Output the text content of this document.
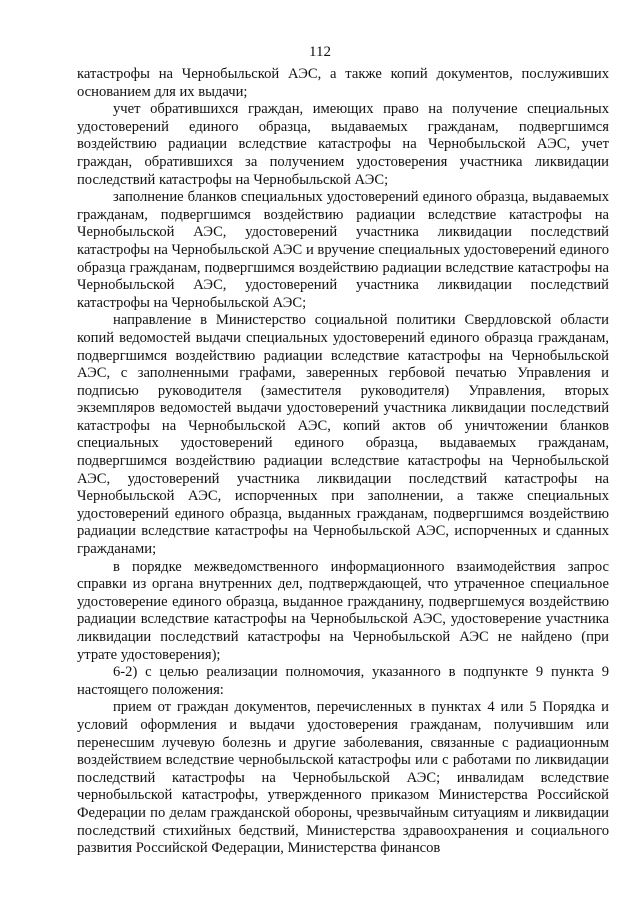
112

катастрофы на Чернобыльской АЭС, а также копий документов, послуживших основанием для их выдачи;

учет обратившихся граждан, имеющих право на получение специальных удостоверений единого образца, выдаваемых гражданам, подвергшимся воздействию радиации вследствие катастрофы на Чернобыльской АЭС, учет граждан, обратившихся за получением удостоверения участника ликвидации последствий катастрофы на Чернобыльской АЭС;

заполнение бланков специальных удостоверений единого образца, выдаваемых гражданам, подвергшимся воздействию радиации вследствие катастрофы на Чернобыльской АЭС, удостоверений участника ликвидации последствий катастрофы на Чернобыльской АЭС и вручение специальных удостоверений единого образца гражданам, подвергшимся воздействию радиации вследствие катастрофы на Чернобыльской АЭС, удостоверений участника ликвидации последствий катастрофы на Чернобыльской АЭС;

направление в Министерство социальной политики Свердловской области копий ведомостей выдачи специальных удостоверений единого образца гражданам, подвергшимся воздействию радиации вследствие катастрофы на Чернобыльской АЭС, с заполненными графами, заверенных гербовой печатью Управления и подписью руководителя (заместителя руководителя) Управления, вторых экземпляров ведомостей выдачи удостоверений участника ликвидации последствий катастрофы на Чернобыльской АЭС, копий актов об уничтожении бланков специальных удостоверений единого образца, выдаваемых гражданам, подвергшимся воздействию радиации вследствие катастрофы на Чернобыльской АЭС, удостоверений участника ликвидации последствий катастрофы на Чернобыльской АЭС, испорченных при заполнении, а также специальных удостоверений единого образца, выданных гражданам, подвергшимся воздействию радиации вследствие катастрофы на Чернобыльской АЭС, испорченных и сданных гражданами;

в порядке межведомственного информационного взаимодействия запрос справки из органа внутренних дел, подтверждающей, что утраченное специальное удостоверение единого образца, выданное гражданину, подвергшемуся воздействию радиации вследствие катастрофы на Чернобыльской АЭС, удостоверение участника ликвидации последствий катастрофы на Чернобыльской АЭС не найдено (при утрате удостоверения);

6-2) с целью реализации полномочия, указанного в подпункте 9 пункта 9 настоящего положения:

прием от граждан документов, перечисленных в пунктах 4 или 5 Порядка и условий оформления и выдачи удостоверения гражданам, получившим или перенесшим лучевую болезнь и другие заболевания, связанные с радиационным воздействием вследствие чернобыльской катастрофы или с работами по ликвидации последствий катастрофы на Чернобыльской АЭС; инвалидам вследствие чернобыльской катастрофы, утвержденного приказом Министерства Российской Федерации по делам гражданской обороны, чрезвычайным ситуациям и ликвидации последствий стихийных бедствий, Министерства здравоохранения и социального развития Российской Федерации, Министерства финансов
